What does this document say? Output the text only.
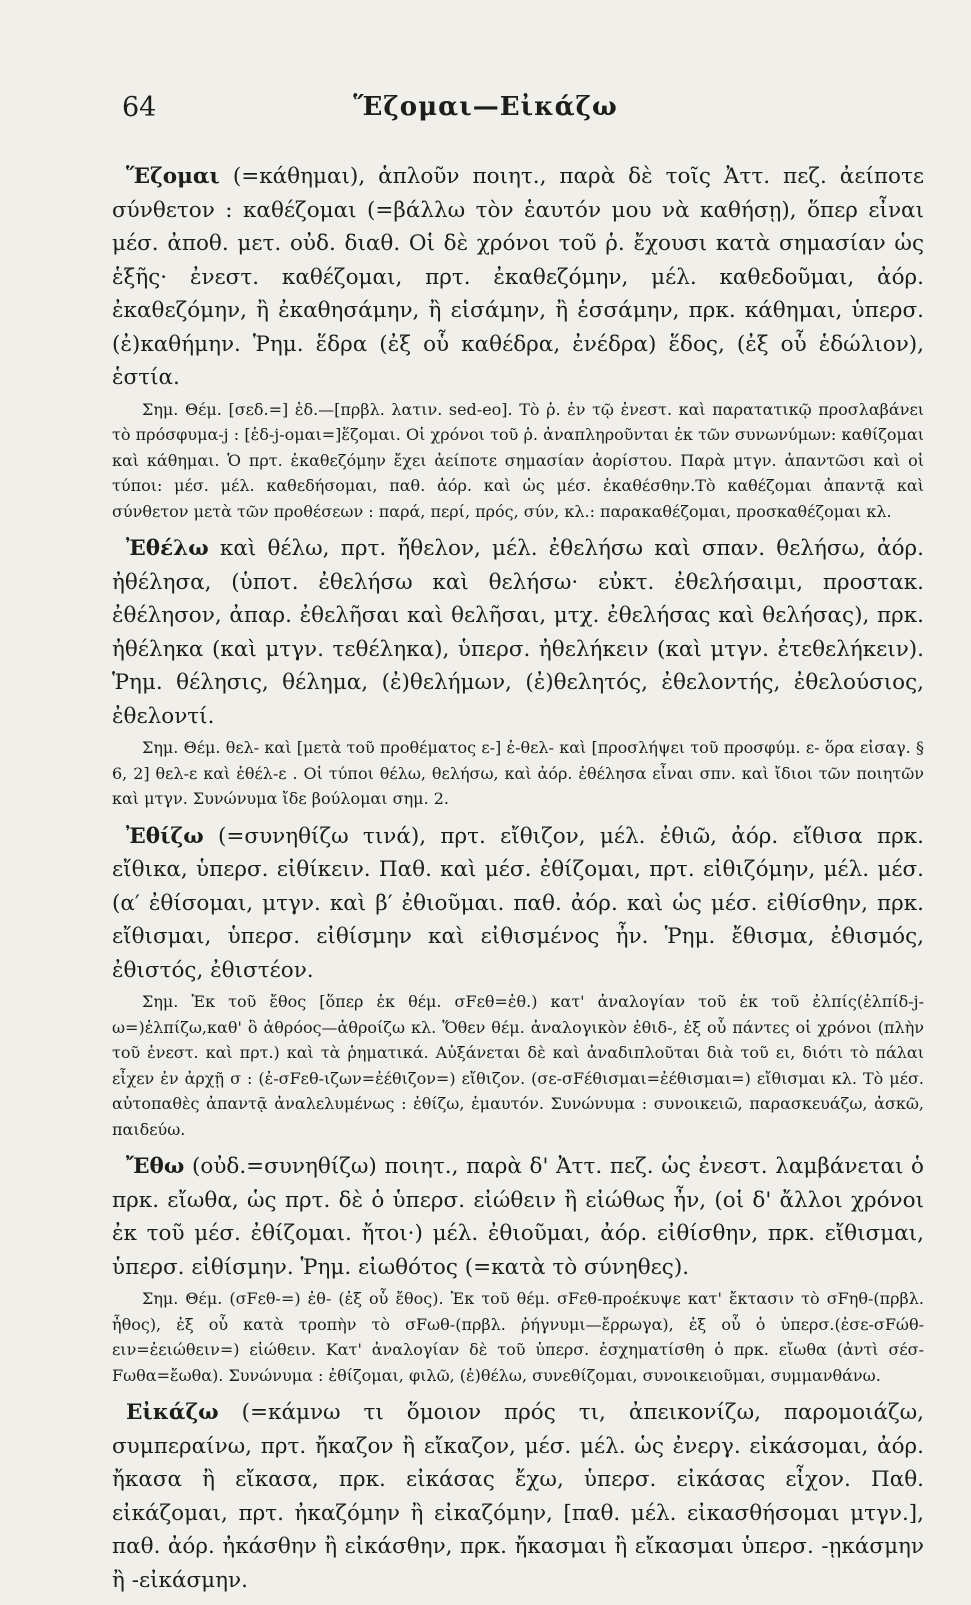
64	Ἕζομαι—Εἰκάζω

Ἕζομαι (=κάθημαι), ἁπλοῦν ποιητ., παρὰ δὲ τοῖς Ἀττ. πεζ. ἀείποτε σύνθετον : καθέζομαι (=βάλλω τὸν ἑαυτόν μου νὰ καθήσῃ), ὅπερ εἶναι μέσ. ἀποθ. μετ. οὐδ. διαθ. Οἱ δὲ χρόνοι τοῦ ῥ. ἔχουσι κατὰ σημασίαν ὡς ἑξῆς· ἐνεστ. καθέζομαι, πρτ. ἐκαθεζόμην, μέλ. καθεδοῦμαι, ἀόρ. ἐκαθεζόμην, ἢ ἐκαθησάμην, ἢ εἱσάμην, ἢ ἑσσάμην, πρκ. κάθημαι, ὑπερσ. (ἐ)καθήμην. Ῥημ. ἕδρα (ἐξ οὗ καθέδρα, ἐνέδρα) ἕδος, (ἐξ οὗ ἑδώλιον), ἑστία.

Σημ. Θέμ. [σεδ.=] ἑδ.—[πρβλ. λατιν. sed-eo]. Τὸ ῥ. ἐν τῷ ἐνεστ. καὶ παρατατικῷ προσλαβάνει τὸ πρόσφυμα-j : [ἑδ-j-ομαι=]ἕζομαι. Οἱ χρόνοι τοῦ ῥ. ἀναπληροῦνται ἐκ τῶν συνωνύμων: καθίζομαι καὶ κάθημαι. Ὁ πρτ. ἐκαθεζόμην ἔχει ἀείποτε σημασίαν ἀορίστου. Παρὰ μτγν. ἀπαντῶσι καὶ οἱ τύποι: μέσ. μέλ. καθεδήσομαι, παθ. ἀόρ. καὶ ὡς μέσ. ἐκαθέσθην.Τὸ καθέζομαι ἀπαντᾷ καὶ σύνθετον μετὰ τῶν προθέσεων : παρά, περί, πρός, σύν, κλ.: παρακαθέζομαι, προσκαθέζομαι κλ.

Ἐθέλω καὶ θέλω, πρτ. ἤθελον, μέλ. ἐθελήσω καὶ σπαν. θελήσω, ἀόρ. ἠθέλησα, (ὑποτ. ἐθελήσω καὶ θελήσω· εὐκτ. ἐθελήσαιμι, προστακ. ἐθέλησον, ἀπαρ. ἐθελῆσαι καὶ θελῆσαι, μτχ. ἐθελήσας καὶ θελήσας), πρκ. ἠθέληκα (καὶ μτγν. τεθέληκα), ὑπερσ. ἠθελήκειν (καὶ μτγν. ἐτεθελήκειν). Ῥημ. θέλησις, θέλημα, (ἐ)θελήμων, (ἐ)θελητός, ἐθελοντής, ἐθελούσιος, ἐθελοντί.

Σημ. Θέμ. θελ- καὶ [μετὰ τοῦ προθέματος ε-] ἐ-θελ- καὶ [προσλήψει τοῦ προσφύμ. ε- ὅρα εἰσαγ. § 6, 2] θελ-ε καὶ ἐθέλ-ε . Οἱ τύποι θέλω, θελήσω, καὶ ἀόρ. ἐθέλησα εἶναι σπν. καὶ ἴδιοι τῶν ποιητῶν καὶ μτγν. Συνώνυμα ἴδε βούλομαι σημ. 2.

Ἐθίζω (=συνηθίζω τινά), πρτ. εἴθιζον, μέλ. ἐθιῶ, ἀόρ. εἴθισα πρκ. εἴθικα, ὑπερσ. εἰθίκειν. Παθ. καὶ μέσ. ἐθίζομαι, πρτ. εἰθιζόμην, μέλ. μέσ. (α′ ἐθίσομαι, μτγν. καὶ β′ ἐθιοῦμαι. παθ. ἀόρ. καὶ ὡς μέσ. εἰθίσθην, πρκ. εἴθισμαι, ὑπερσ. εἰθίσμην καὶ εἰθισμένος ἦν. Ῥημ. ἔθισμα, ἐθισμός, ἐθιστός, ἐθιστέον.

Σημ. Ἐκ τοῦ ἔθος [ὅπερ ἐκ θέμ. σFεθ=ἐθ.) κατ' ἀναλογίαν τοῦ ἐκ τοῦ ἐλπίς(ἐλπίδ-j-ω=)ἐλπίζω,καθ' ὃ ἀθρόος—ἀθροίζω κλ. Ὅθεν θέμ. ἀναλογικὸν ἐθιδ-, ἐξ οὗ πάντες οἱ χρόνοι (πλὴν τοῦ ἐνεστ. καὶ πρτ.) καὶ τὰ ῥηματικά. Αὐξάνεται δὲ καὶ ἀναδιπλοῦται διὰ τοῦ ει, διότι τὸ πάλαι εἶχεν ἐν ἀρχῇ σ : (ἐ-σFεθ-ιζων=ἐέθιζον=) εἴθιζον. (σε-σFέθισμαι=ἐέθισμαι=) εἴθισμαι κλ. Τὸ μέσ. αὐτοπαθὲς ἀπαντᾷ ἀναλελυμένως : ἐθίζω, ἐμαυτόν. Συνώνυμα : συνοικειῶ, παρασκευάζω, ἀσκῶ, παιδεύω.

Ἔθω (οὐδ.=συνηθίζω) ποιητ., παρὰ δ' Ἀττ. πεζ. ὡς ἐνεστ. λαμβάνεται ὁ πρκ. εἴωθα, ὡς πρτ. δὲ ὁ ὑπερσ. εἰώθειν ἢ εἰώθως ἦν, (οἱ δ' ἄλλοι χρόνοι ἐκ τοῦ μέσ. ἐθίζομαι. ἤτοι·) μέλ. ἐθιοῦμαι, ἀόρ. εἰθίσθην, πρκ. εἴθισμαι, ὑπερσ. εἰθίσμην. Ῥημ. εἰωθότος (=κατὰ τὸ σύνηθες).

Σημ. Θέμ. (σFεθ-=) ἐθ- (ἐξ οὗ ἔθος). Ἐκ τοῦ θέμ. σFεθ-προέκυψε κατ' ἔκτασιν τὸ σFηθ-(πρβλ. ἦθος), ἐξ οὗ κατὰ τροπὴν τὸ σFωθ-(πρβλ. ῥήγνυμι—ἔρρωγα), ἐξ οὗ ὁ ὑπερσ.(ἐσε-σFώθ-ειν=ἐειώθειν=) εἰώθειν. Κατ' ἀναλογίαν δὲ τοῦ ὑπερσ. ἐσχηματίσθη ὁ πρκ. εἴωθα (ἀντὶ σέσ-Fωθα=ἔωθα). Συνώνυμα : ἐθίζομαι, φιλῶ, (ἐ)θέλω, συνεθίζομαι, συνοικειοῦμαι, συμμανθάνω.

Εἰκάζω (=κάμνω τι ὅμοιον πρός τι, ἀπεικονίζω, παρομοιάζω, συμπεραίνω, πρτ. ἤκαζον ἢ εἴκαζον, μέσ. μέλ. ὡς ἐνεργ. εἰκάσομαι, ἀόρ. ἤκασα ἢ εἴκασα, πρκ. εἰκάσας ἔχω, ὑπερσ. εἰκάσας εἶχον. Παθ. εἰκάζομαι, πρτ. ἠκαζόμην ἢ εἰκαζόμην, [παθ. μέλ. εἰκασθήσομαι μτγν.], παθ. ἀόρ. ἠκάσθην ἢ εἰκάσθην, πρκ. ἤκασμαι ἢ εἴκασμαι ὑπερσ. -ῃκάσμην ἢ -εἰκάσμην.
